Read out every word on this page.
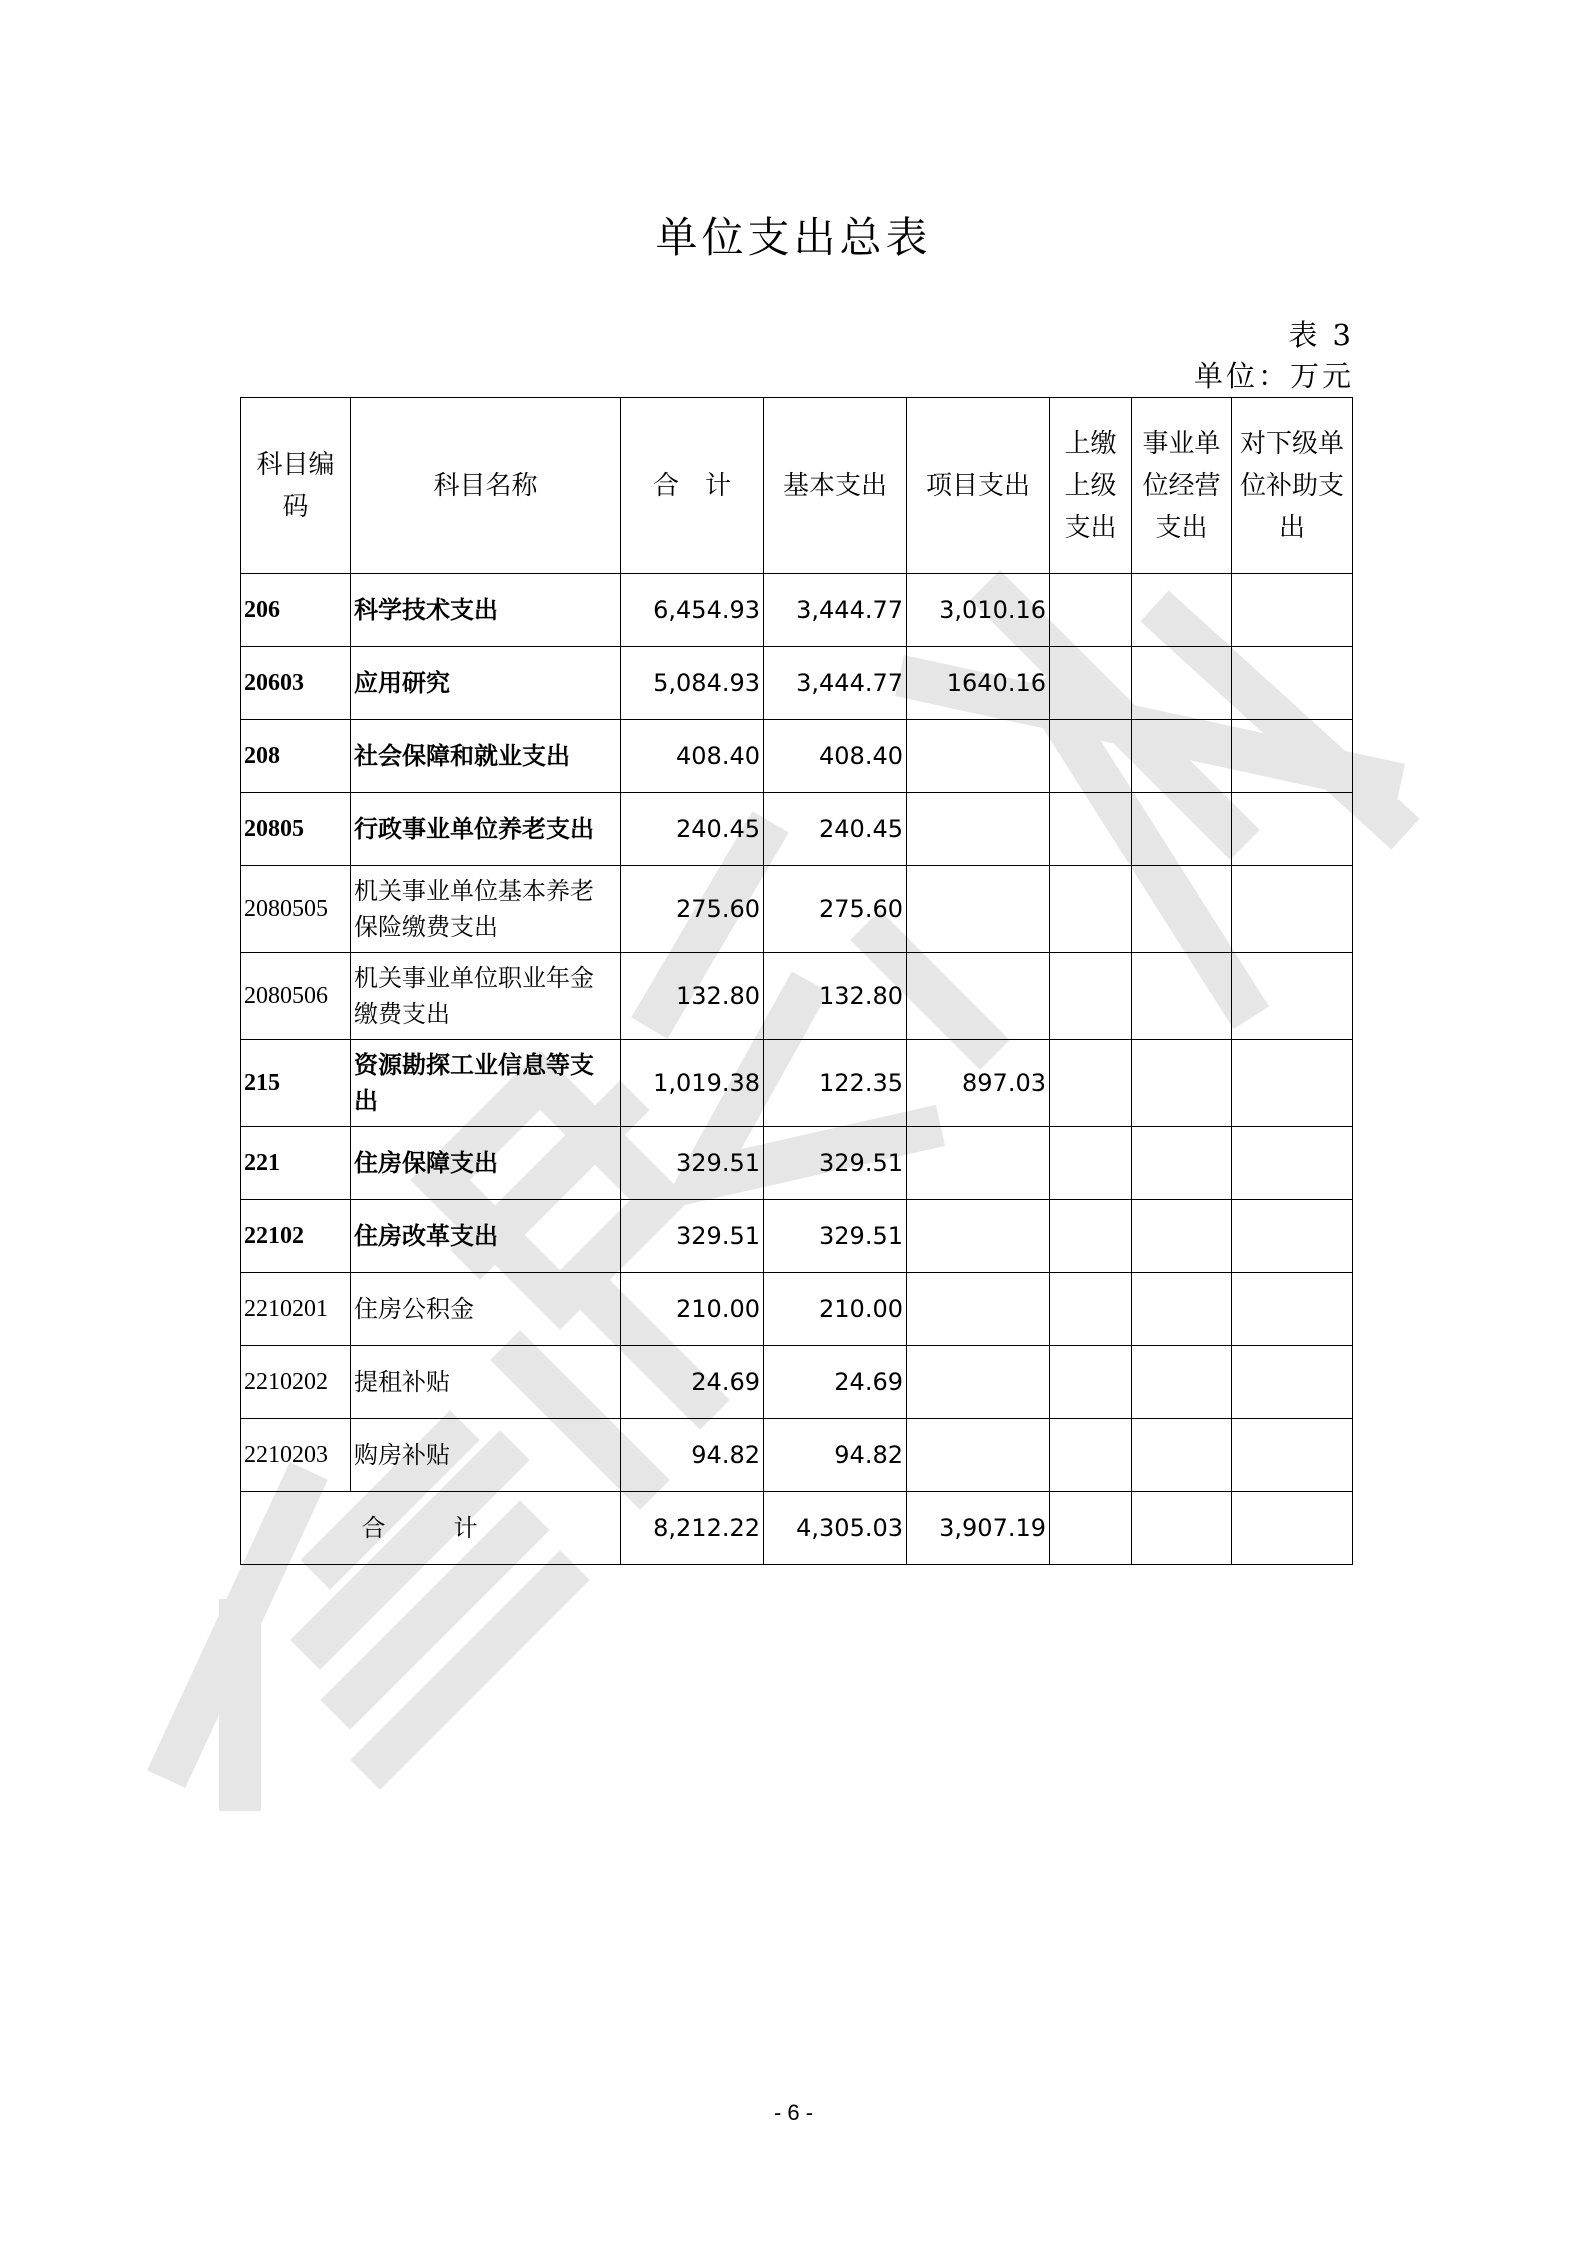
单位支出总表
表 3
单位：万元
科目编码	科目名称	合　计	基本支出	项目支出	上缴上级支出	事业单位经营支出	对下级单位补助支出
206	科学技术支出	6,454.93	3,444.77	3,010.16			
20603	应用研究	5,084.93	3,444.77	1640.16			
208	社会保障和就业支出	408.40	408.40				
20805	行政事业单位养老支出	240.45	240.45				
2080505	机关事业单位基本养老保险缴费支出	275.60	275.60				
2080506	机关事业单位职业年金缴费支出	132.80	132.80				
215	资源勘探工业信息等支出	1,019.38	122.35	897.03			
221	住房保障支出	329.51	329.51				
22102	住房改革支出	329.51	329.51				
2210201	住房公积金	210.00	210.00				
2210202	提租补贴	24.69	24.69				
2210203	购房补贴	94.82	94.82				
合　计		8,212.22	4,305.03	3,907.19			
- 6 -
